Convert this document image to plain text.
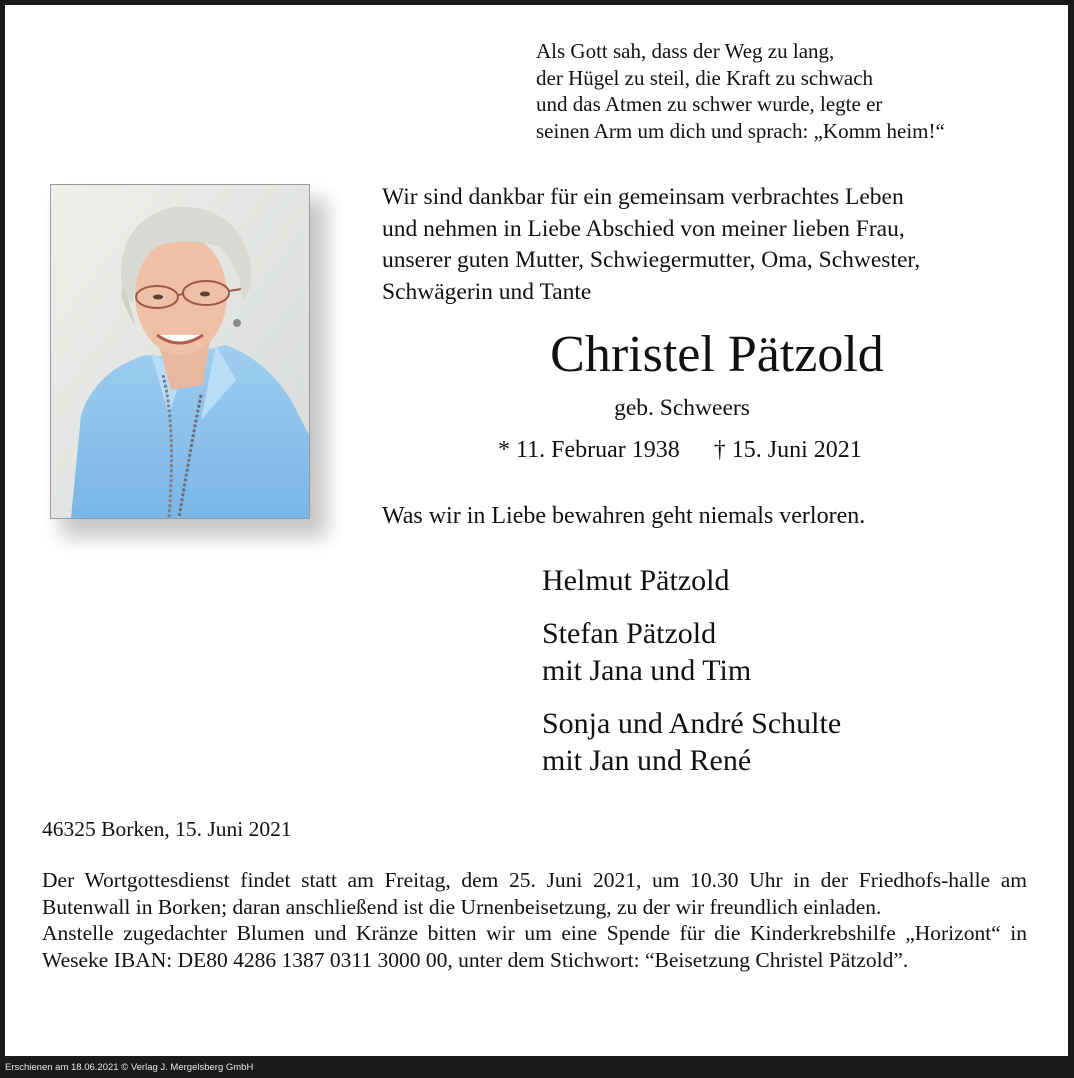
Als Gott sah, dass der Weg zu lang,
der Hügel zu steil, die Kraft zu schwach
und das Atmen zu schwer wurde, legte er
seinen Arm um dich und sprach: „Komm heim!“
Wir sind dankbar für ein gemeinsam verbrachtes Leben
und nehmen in Liebe Abschied von meiner lieben Frau,
unserer guten Mutter, Schwiegermutter, Oma, Schwester,
Schwägerin und Tante
Christel Pätzold
geb. Schweers
* 11. Februar 1938 † 15. Juni 2021
Was wir in Liebe bewahren geht niemals verloren.
Helmut Pätzold
Stefan Pätzold
mit Jana und Tim
Sonja und André Schulte
mit Jan und René
46325 Borken, 15. Juni 2021

Der Wortgottesdienst findet statt am Freitag, dem 25. Juni 2021, um 10.30 Uhr in der Friedhofs-halle am Butenwall in Borken; daran anschließend ist die Urnenbeisetzung, zu der wir freundlich einladen.

Anstelle zugedachter Blumen und Kränze bitten wir um eine Spende für die Kinderkrebshilfe „Horizont“ in Weseke IBAN: DE80 4286 1387 0311 3000 00, unter dem Stichwort: “Beisetzung Christel Pätzold”.

Erschienen am 18.06.2021 © Verlag J. Mergelsberg GmbH
